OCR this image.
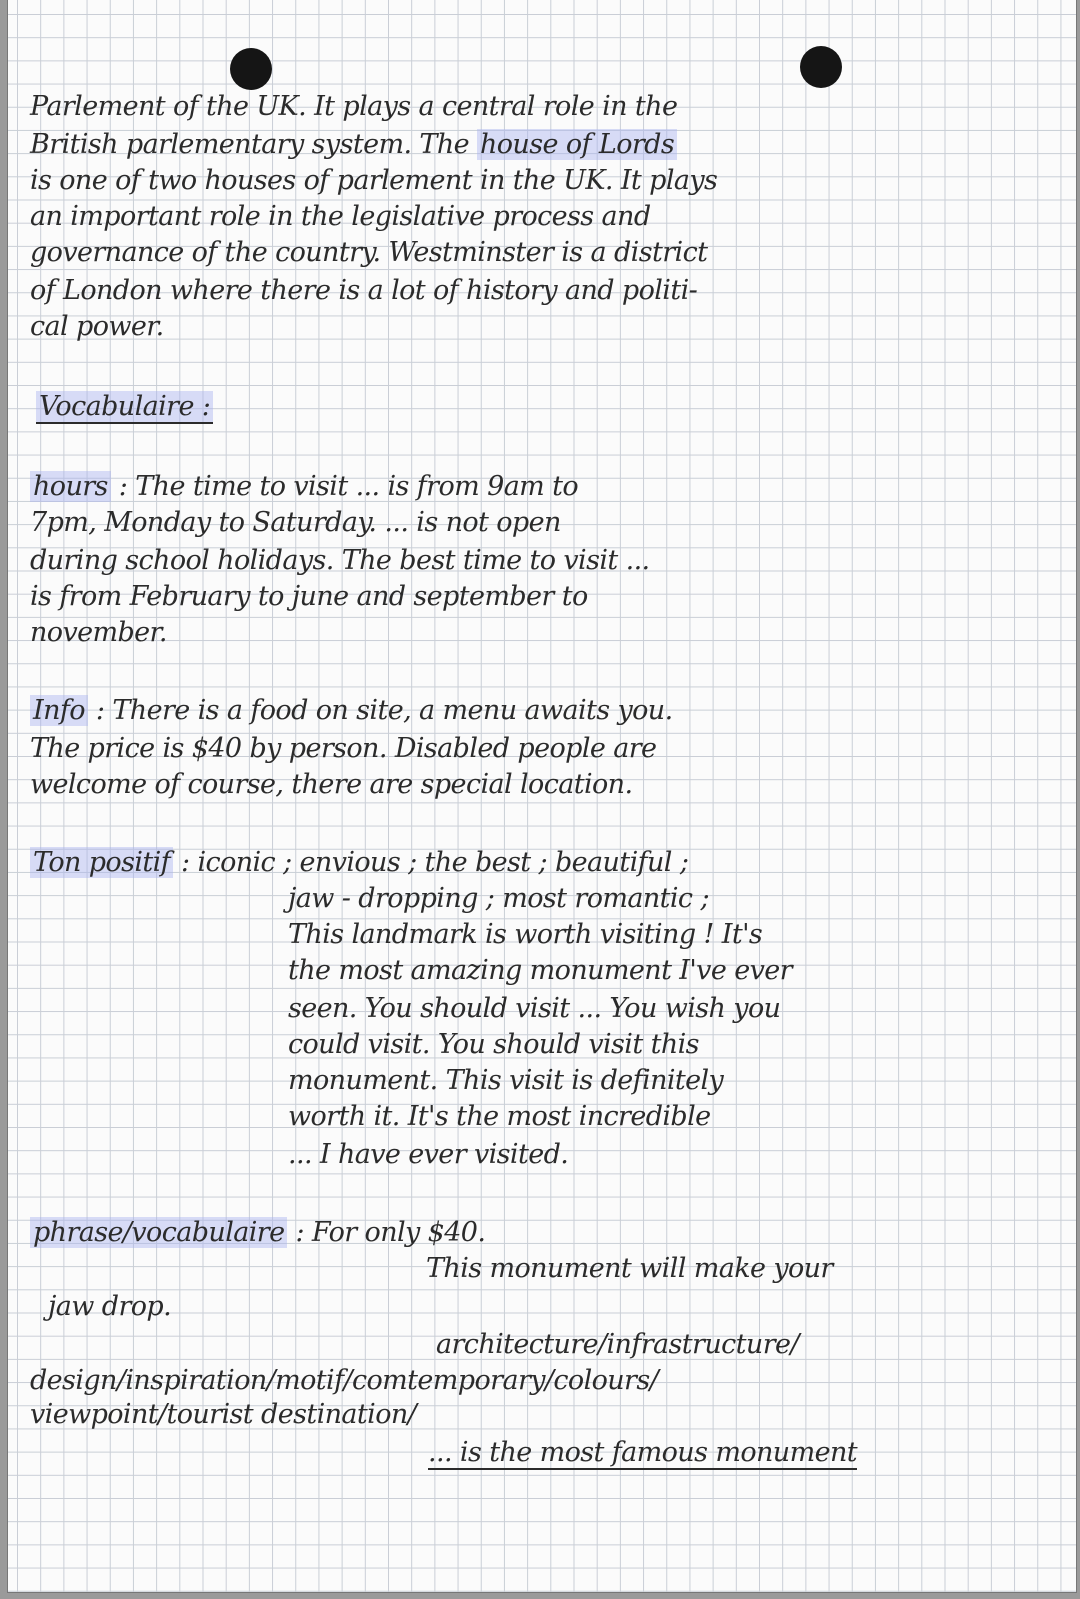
Parlement of the UK. It plays a central role in the
British parlementary system. The house of Lords
is one of two houses of parlement in the UK. It plays
an important role in the legislative process and
governance of the country. Westminster is a district
of London where there is a lot of history and politi-
cal power.
Vocabulaire :
hours : The time to visit ... is from 9am to
7pm, Monday to Saturday. ... is not open
during school holidays. The best time to visit ...
is from February to june and september to
november.
Info : There is a food on site, a menu awaits you.
The price is $40 by person. Disabled people are
welcome of course, there are special location.
Ton positif : iconic ; envious ; the best ; beautiful ;
jaw - dropping ; most romantic ;
This landmark is worth visiting ! It's
the most amazing monument I've ever
seen. You should visit ... You wish you
could visit. You should visit this
monument. This visit is definitely
worth it. It's the most incredible
... I have ever visited.
phrase/vocabulaire : For only $40.
This monument will make your
jaw drop.
architecture/infrastructure/
design/inspiration/motif/comtemporary/colours/
viewpoint/tourist destination/
... is the most famous monument
